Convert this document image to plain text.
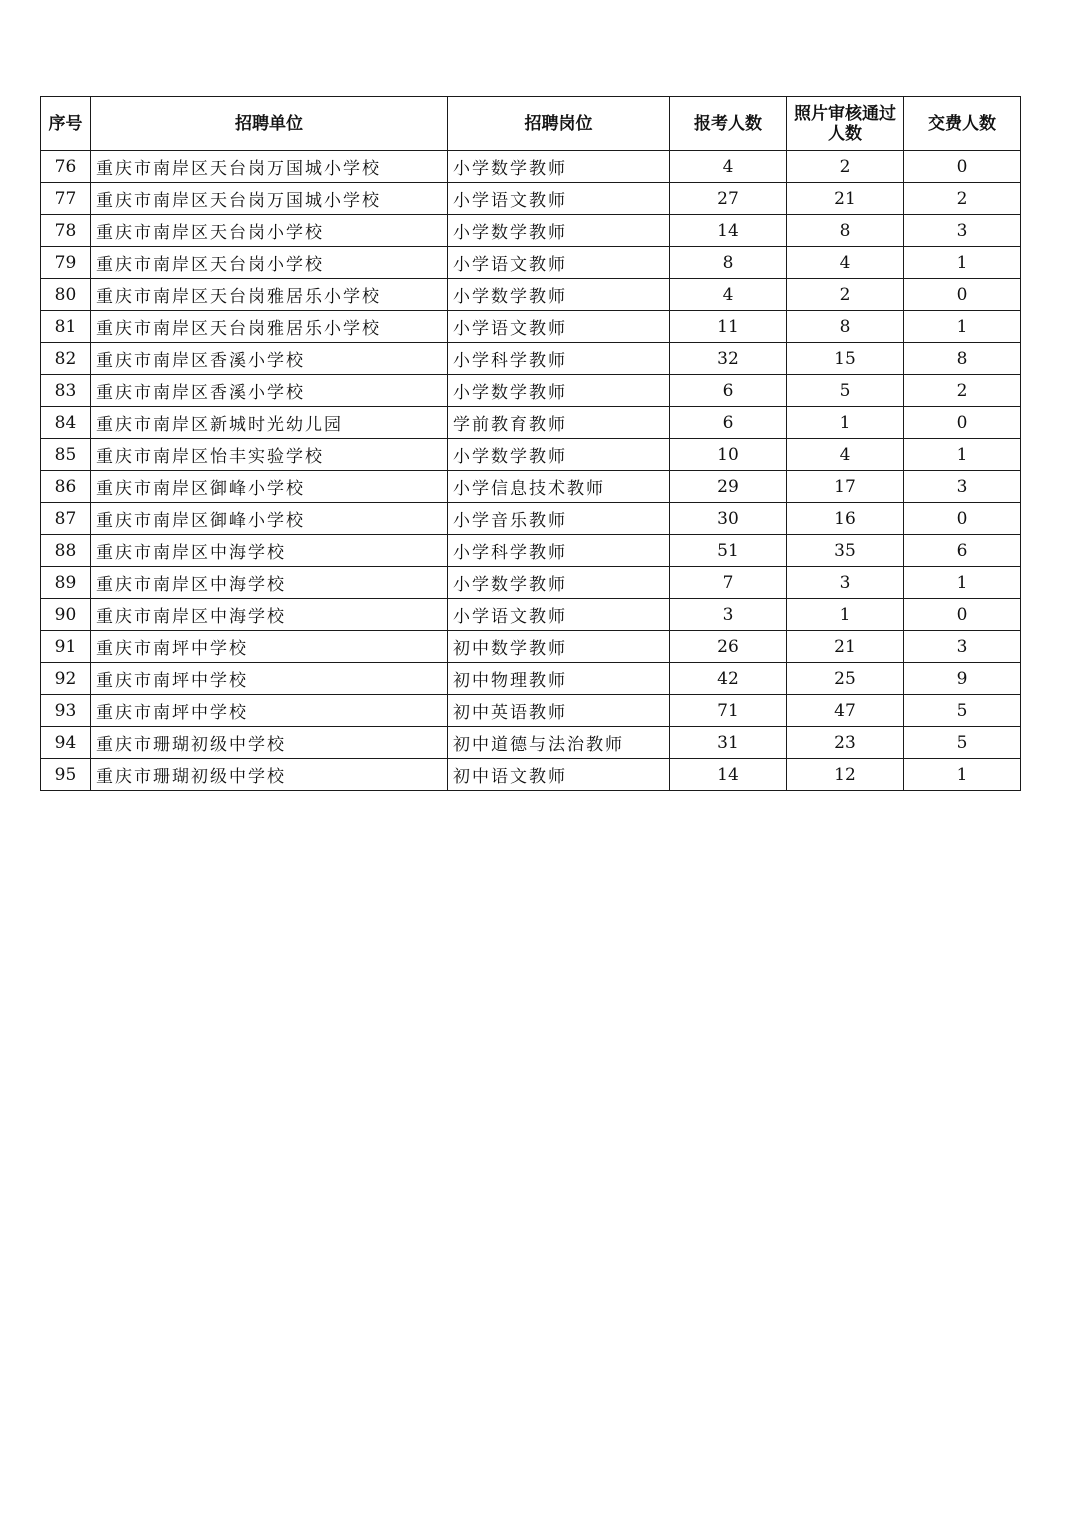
序号	招聘单位	招聘岗位	报考人数	照片审核通过人数	交费人数
76	重庆市南岸区天台岗万国城小学校	小学数学教师	4	2	0
77	重庆市南岸区天台岗万国城小学校	小学语文教师	27	21	2
78	重庆市南岸区天台岗小学校	小学数学教师	14	8	3
79	重庆市南岸区天台岗小学校	小学语文教师	8	4	1
80	重庆市南岸区天台岗雅居乐小学校	小学数学教师	4	2	0
81	重庆市南岸区天台岗雅居乐小学校	小学语文教师	11	8	1
82	重庆市南岸区香溪小学校	小学科学教师	32	15	8
83	重庆市南岸区香溪小学校	小学数学教师	6	5	2
84	重庆市南岸区新城时光幼儿园	学前教育教师	6	1	0
85	重庆市南岸区怡丰实验学校	小学数学教师	10	4	1
86	重庆市南岸区御峰小学校	小学信息技术教师	29	17	3
87	重庆市南岸区御峰小学校	小学音乐教师	30	16	0
88	重庆市南岸区中海学校	小学科学教师	51	35	6
89	重庆市南岸区中海学校	小学数学教师	7	3	1
90	重庆市南岸区中海学校	小学语文教师	3	1	0
91	重庆市南坪中学校	初中数学教师	26	21	3
92	重庆市南坪中学校	初中物理教师	42	25	9
93	重庆市南坪中学校	初中英语教师	71	47	5
94	重庆市珊瑚初级中学校	初中道德与法治教师	31	23	5
95	重庆市珊瑚初级中学校	初中语文教师	14	12	1
